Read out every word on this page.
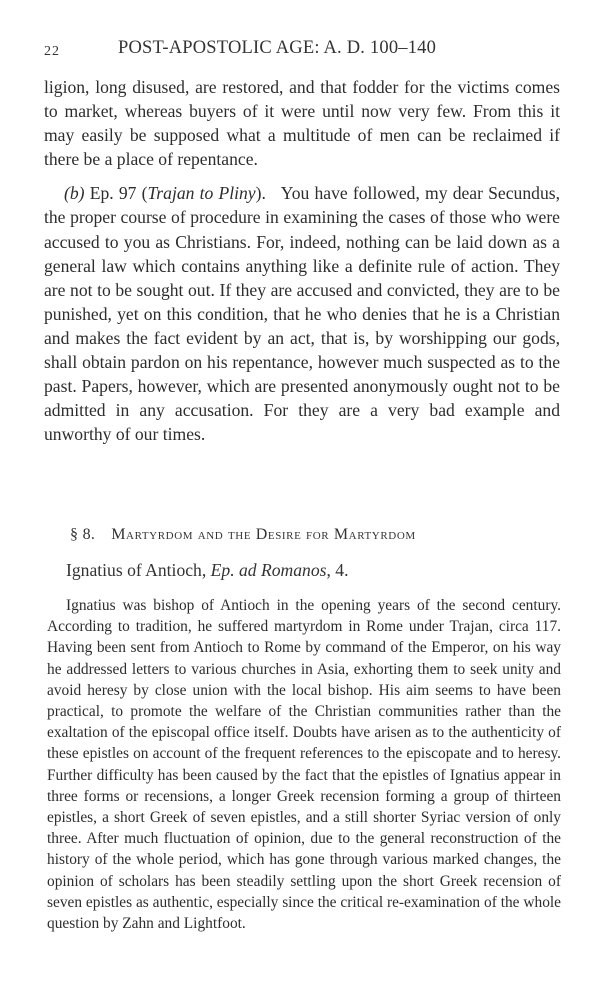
22	POST-APOSTOLIC AGE: A. D. 100–140

ligion, long disused, are restored, and that fodder for the victims comes to market, whereas buyers of it were until now very few. From this it may easily be supposed what a multitude of men can be reclaimed if there be a place of repentance.

(b) Ep. 97 (Trajan to Pliny).   You have followed, my dear Secundus, the proper course of procedure in examining the cases of those who were accused to you as Christians. For, indeed, nothing can be laid down as a general law which contains anything like a definite rule of action. They are not to be sought out. If they are accused and convicted, they are to be punished, yet on this condition, that he who denies that he is a Christian and makes the fact evident by an act, that is, by worshipping our gods, shall obtain pardon on his repentance, however much suspected as to the past. Papers, however, which are presented anonymously ought not to be admitted in any accusation. For they are a very bad example and unworthy of our times.

§ 8. Martyrdom and the Desire for Martyrdom
Ignatius of Antioch, Ep. ad Romanos, 4.

Ignatius was bishop of Antioch in the opening years of the second century. According to tradition, he suffered martyrdom in Rome under Trajan, circa 117. Having been sent from Antioch to Rome by command of the Emperor, on his way he addressed letters to various churches in Asia, exhorting them to seek unity and avoid heresy by close union with the local bishop. His aim seems to have been practical, to promote the welfare of the Christian communities rather than the exaltation of the episcopal office itself. Doubts have arisen as to the authenticity of these epistles on account of the frequent references to the episcopate and to heresy. Further difficulty has been caused by the fact that the epistles of Ignatius appear in three forms or recensions, a longer Greek recension forming a group of thirteen epistles, a short Greek of seven epistles, and a still shorter Syriac version of only three. After much fluctuation of opinion, due to the general reconstruction of the history of the whole period, which has gone through various marked changes, the opinion of scholars has been steadily settling upon the short Greek recension of seven epistles as authentic, especially since the critical re-examination of the whole question by Zahn and Lightfoot.
